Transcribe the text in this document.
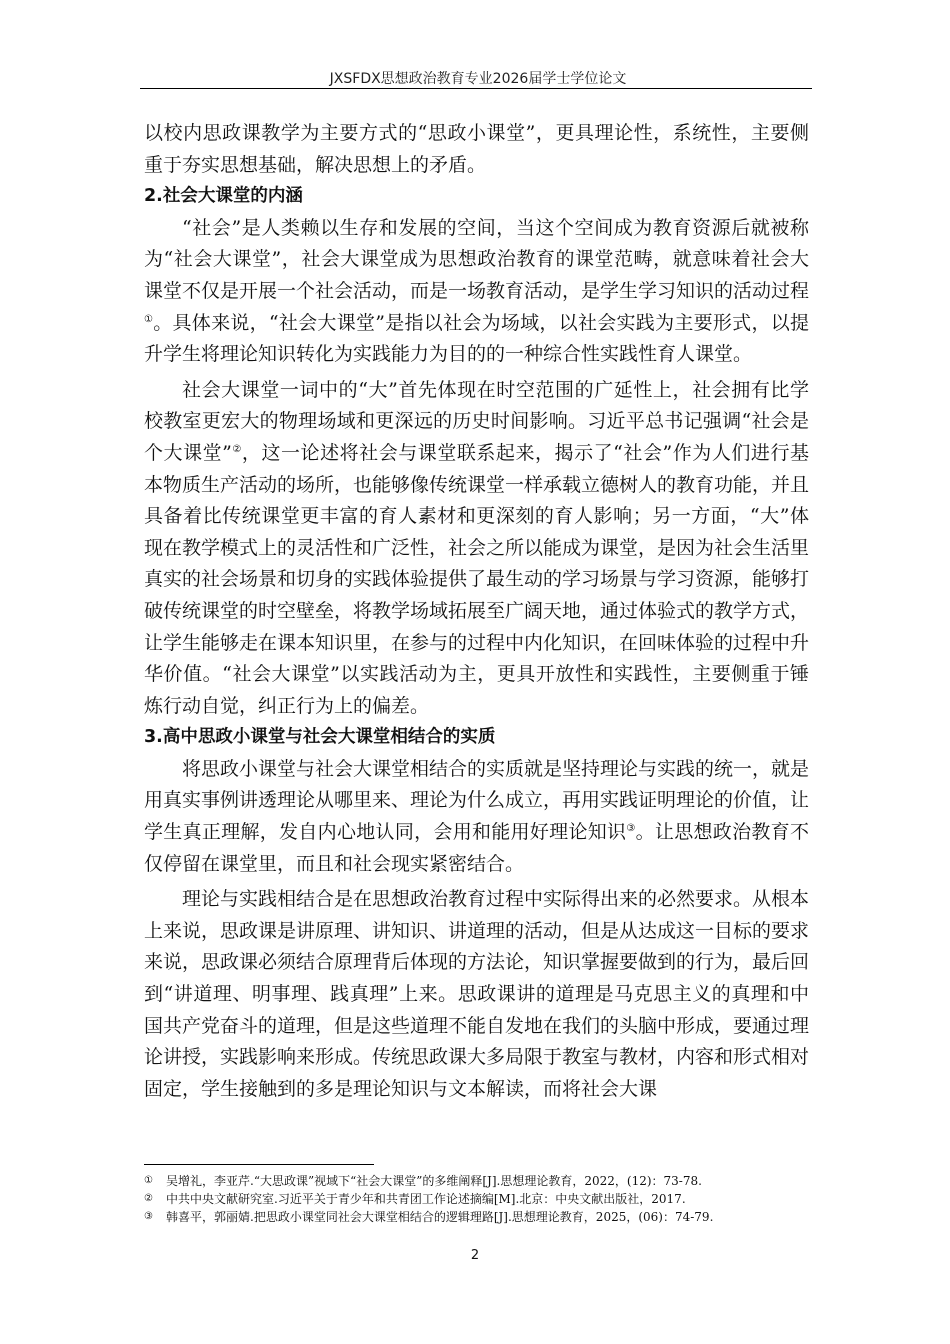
JXSFDX思想政治教育专业2026届学士学位论文

以校内思政课教学为主要方式的“思政小课堂”，更具理论性，系统性，主要侧重于夯实思想基础，解决思想上的矛盾。

2.社会大课堂的内涵

“社会”是人类赖以生存和发展的空间，当这个空间成为教育资源后就被称为“社会大课堂”，社会大课堂成为思想政治教育的课堂范畴，就意味着社会大课堂不仅是开展一个社会活动，而是一场教育活动，是学生学习知识的活动过程①。具体来说，“社会大课堂”是指以社会为场域，以社会实践为主要形式，以提升学生将理论知识转化为实践能力为目的的一种综合性实践性育人课堂。

社会大课堂一词中的“大”首先体现在时空范围的广延性上，社会拥有比学校教室更宏大的物理场域和更深远的历史时间影响。习近平总书记强调“社会是个大课堂”②，这一论述将社会与课堂联系起来，揭示了“社会”作为人们进行基本物质生产活动的场所，也能够像传统课堂一样承载立德树人的教育功能，并且具备着比传统课堂更丰富的育人素材和更深刻的育人影响；另一方面，“大”体现在教学模式上的灵活性和广泛性，社会之所以能成为课堂，是因为社会生活里真实的社会场景和切身的实践体验提供了最生动的学习场景与学习资源，能够打破传统课堂的时空壁垒，将教学场域拓展至广阔天地，通过体验式的教学方式，让学生能够走在课本知识里，在参与的过程中内化知识，在回味体验的过程中升华价值。“社会大课堂”以实践活动为主，更具开放性和实践性，主要侧重于锤炼行动自觉，纠正行为上的偏差。

3.高中思政小课堂与社会大课堂相结合的实质

将思政小课堂与社会大课堂相结合的实质就是坚持理论与实践的统一，就是用真实事例讲透理论从哪里来、理论为什么成立，再用实践证明理论的价值，让学生真正理解，发自内心地认同，会用和能用好理论知识③。让思想政治教育不仅停留在课堂里，而且和社会现实紧密结合。

理论与实践相结合是在思想政治教育过程中实际得出来的必然要求。从根本上来说，思政课是讲原理、讲知识、讲道理的活动，但是从达成这一目标的要求来说，思政课必须结合原理背后体现的方法论，知识掌握要做到的行为，最后回到“讲道理、明事理、践真理”上来。思政课讲的道理是马克思主义的真理和中国共产党奋斗的道理，但是这些道理不能自发地在我们的头脑中形成，要通过理论讲授，实践影响来形成。传统思政课大多局限于教室与教材，内容和形式相对固定，学生接触到的多是理论知识与文本解读，而将社会大课

① 吴增礼，李亚芹.“大思政课”视域下“社会大课堂”的多维阐释[J].思想理论教育，2022，(12)：73-78.
② 中共中央文献研究室.习近平关于青少年和共青团工作论述摘编[M].北京：中央文献出版社，2017.
③ 韩喜平，郭丽婧.把思政小课堂同社会大课堂相结合的逻辑理路[J].思想理论教育，2025，(06)：74-79.
2
